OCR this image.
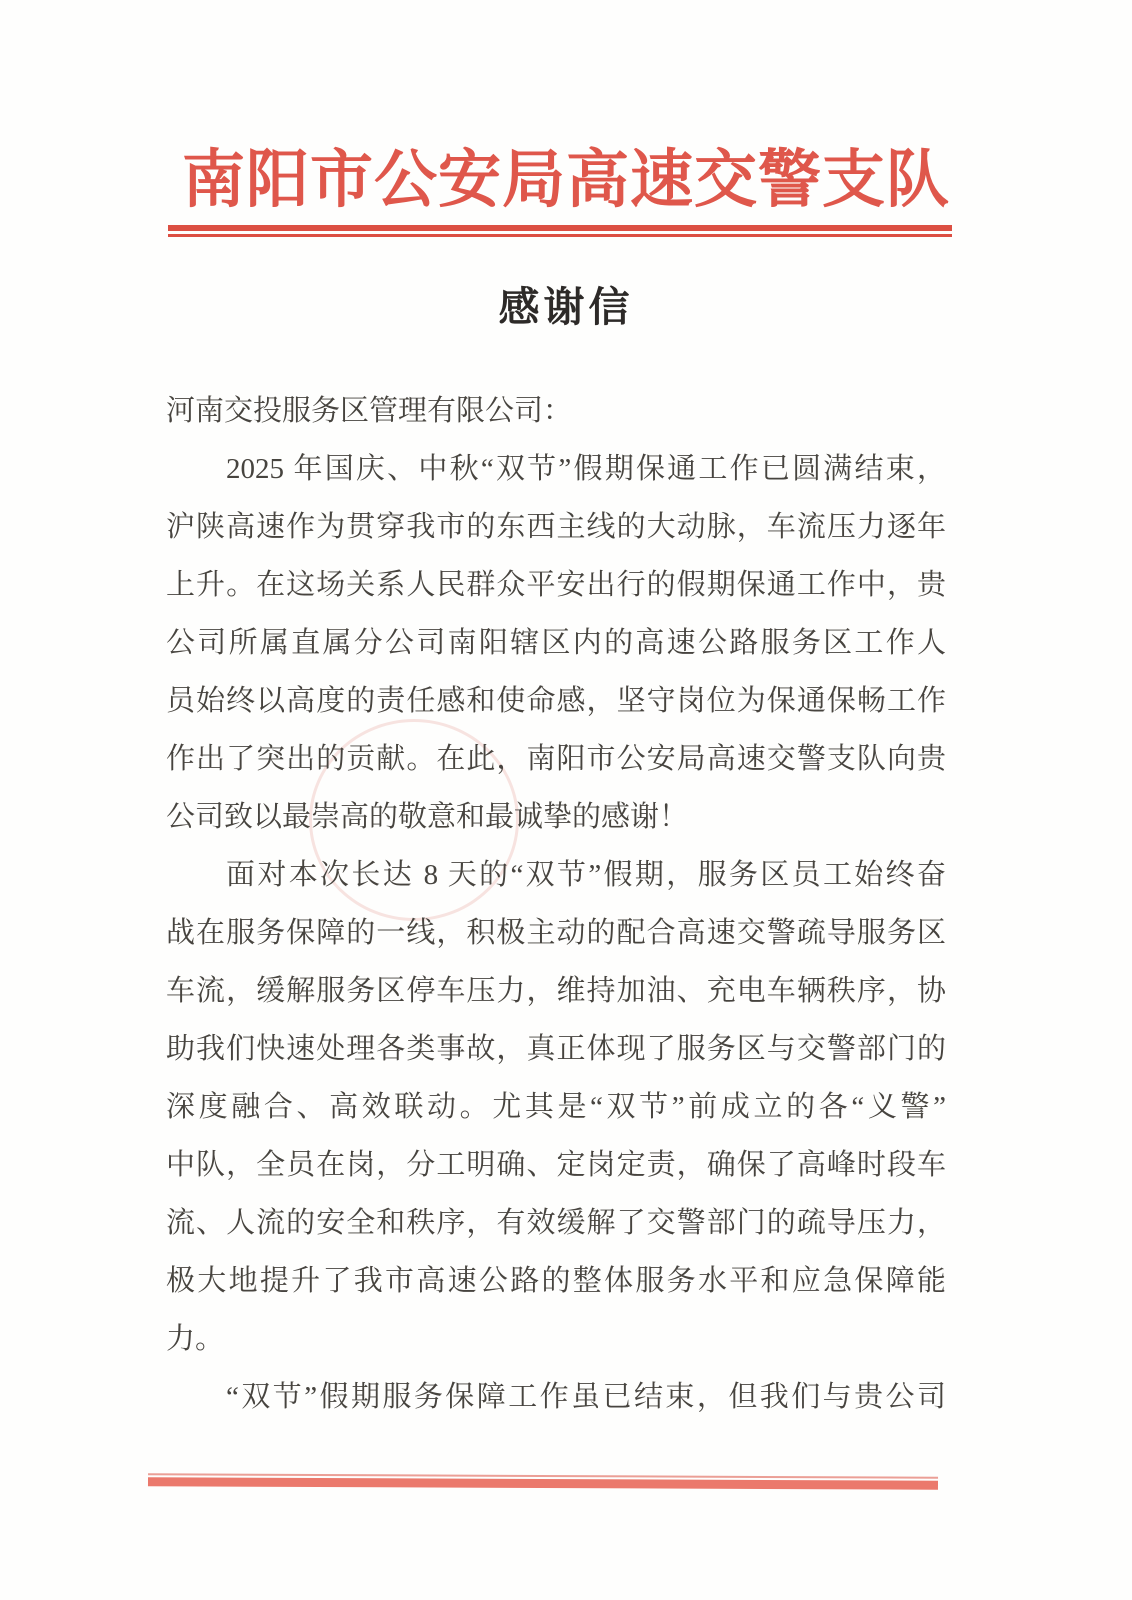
南阳市公安局高速交警支队
感谢信
河南交投服务区管理有限公司：
2025 年国庆、中秋“双节”假期保通工作已圆满结束，
沪陕高速作为贯穿我市的东西主线的大动脉，车流压力逐年
上升。在这场关系人民群众平安出行的假期保通工作中，贵
公司所属直属分公司南阳辖区内的高速公路服务区工作人
员始终以高度的责任感和使命感，坚守岗位为保通保畅工作
作出了突出的贡献。在此，南阳市公安局高速交警支队向贵
公司致以最崇高的敬意和最诚挚的感谢！
面对本次长达 8 天的“双节”假期，服务区员工始终奋
战在服务保障的一线，积极主动的配合高速交警疏导服务区
车流，缓解服务区停车压力，维持加油、充电车辆秩序，协
助我们快速处理各类事故，真正体现了服务区与交警部门的
深度融合、高效联动。尤其是“双节”前成立的各“义警”
中队，全员在岗，分工明确、定岗定责，确保了高峰时段车
流、人流的安全和秩序，有效缓解了交警部门的疏导压力，
极大地提升了我市高速公路的整体服务水平和应急保障能
力。
“双节”假期服务保障工作虽已结束，但我们与贵公司
